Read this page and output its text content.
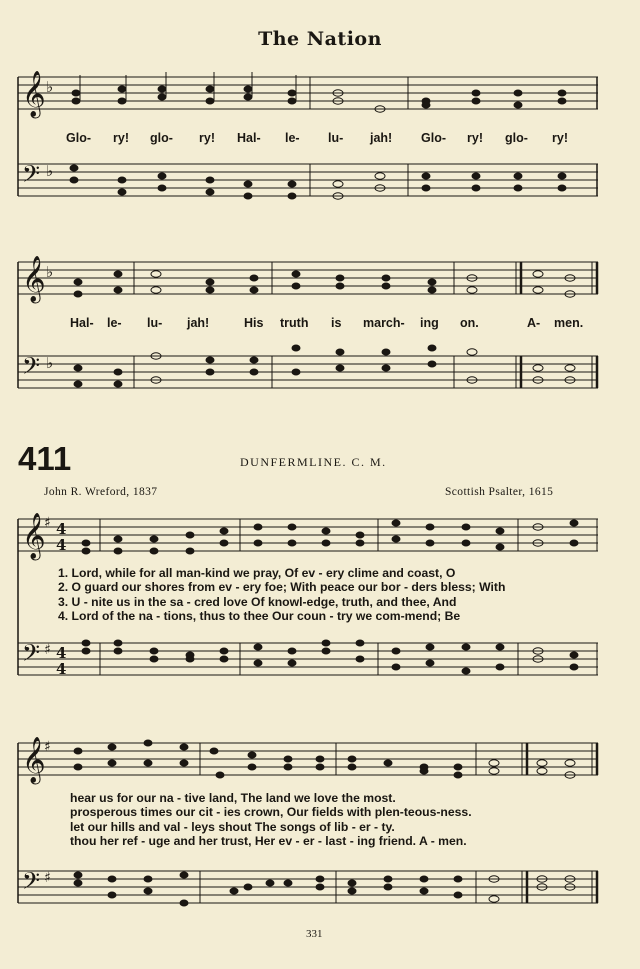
The Nation
𝄞
𝄢
♭
♭
Glo- ry! glo- ry! Hal- le- lu- jah! Glo- ry! glo- ry!
𝄞
𝄢
♭
♭
Hal- le- lu- jah!	His truth is march- ing on.	A- men.
411	DUNFERMLINE. C. M.
John R. Wreford, 1837	Scottish Psalter, 1615
𝄞
𝄢
♯
♯
4
4
4
4
1. Lord, while for all man-kind we pray, Of ev - ery clime and coast, O
2. O guard our shores from ev - ery foe; With peace our bor - ders bless; With
3. U - nite us in the sa - cred love Of knowl-edge, truth, and thee, And
4. Lord of the na - tions, thus to thee Our coun - try we com-mend; Be
𝄞
𝄢
♯
♯
hear us for our na - tive land, The land we love the most.
prosperous times our cit - ies crown, Our fields with plen-teous-ness.
let our hills and val - leys shout The songs of lib - er - ty.
thou her ref - uge and her trust, Her ev - er - last - ing friend. A - men.
331
